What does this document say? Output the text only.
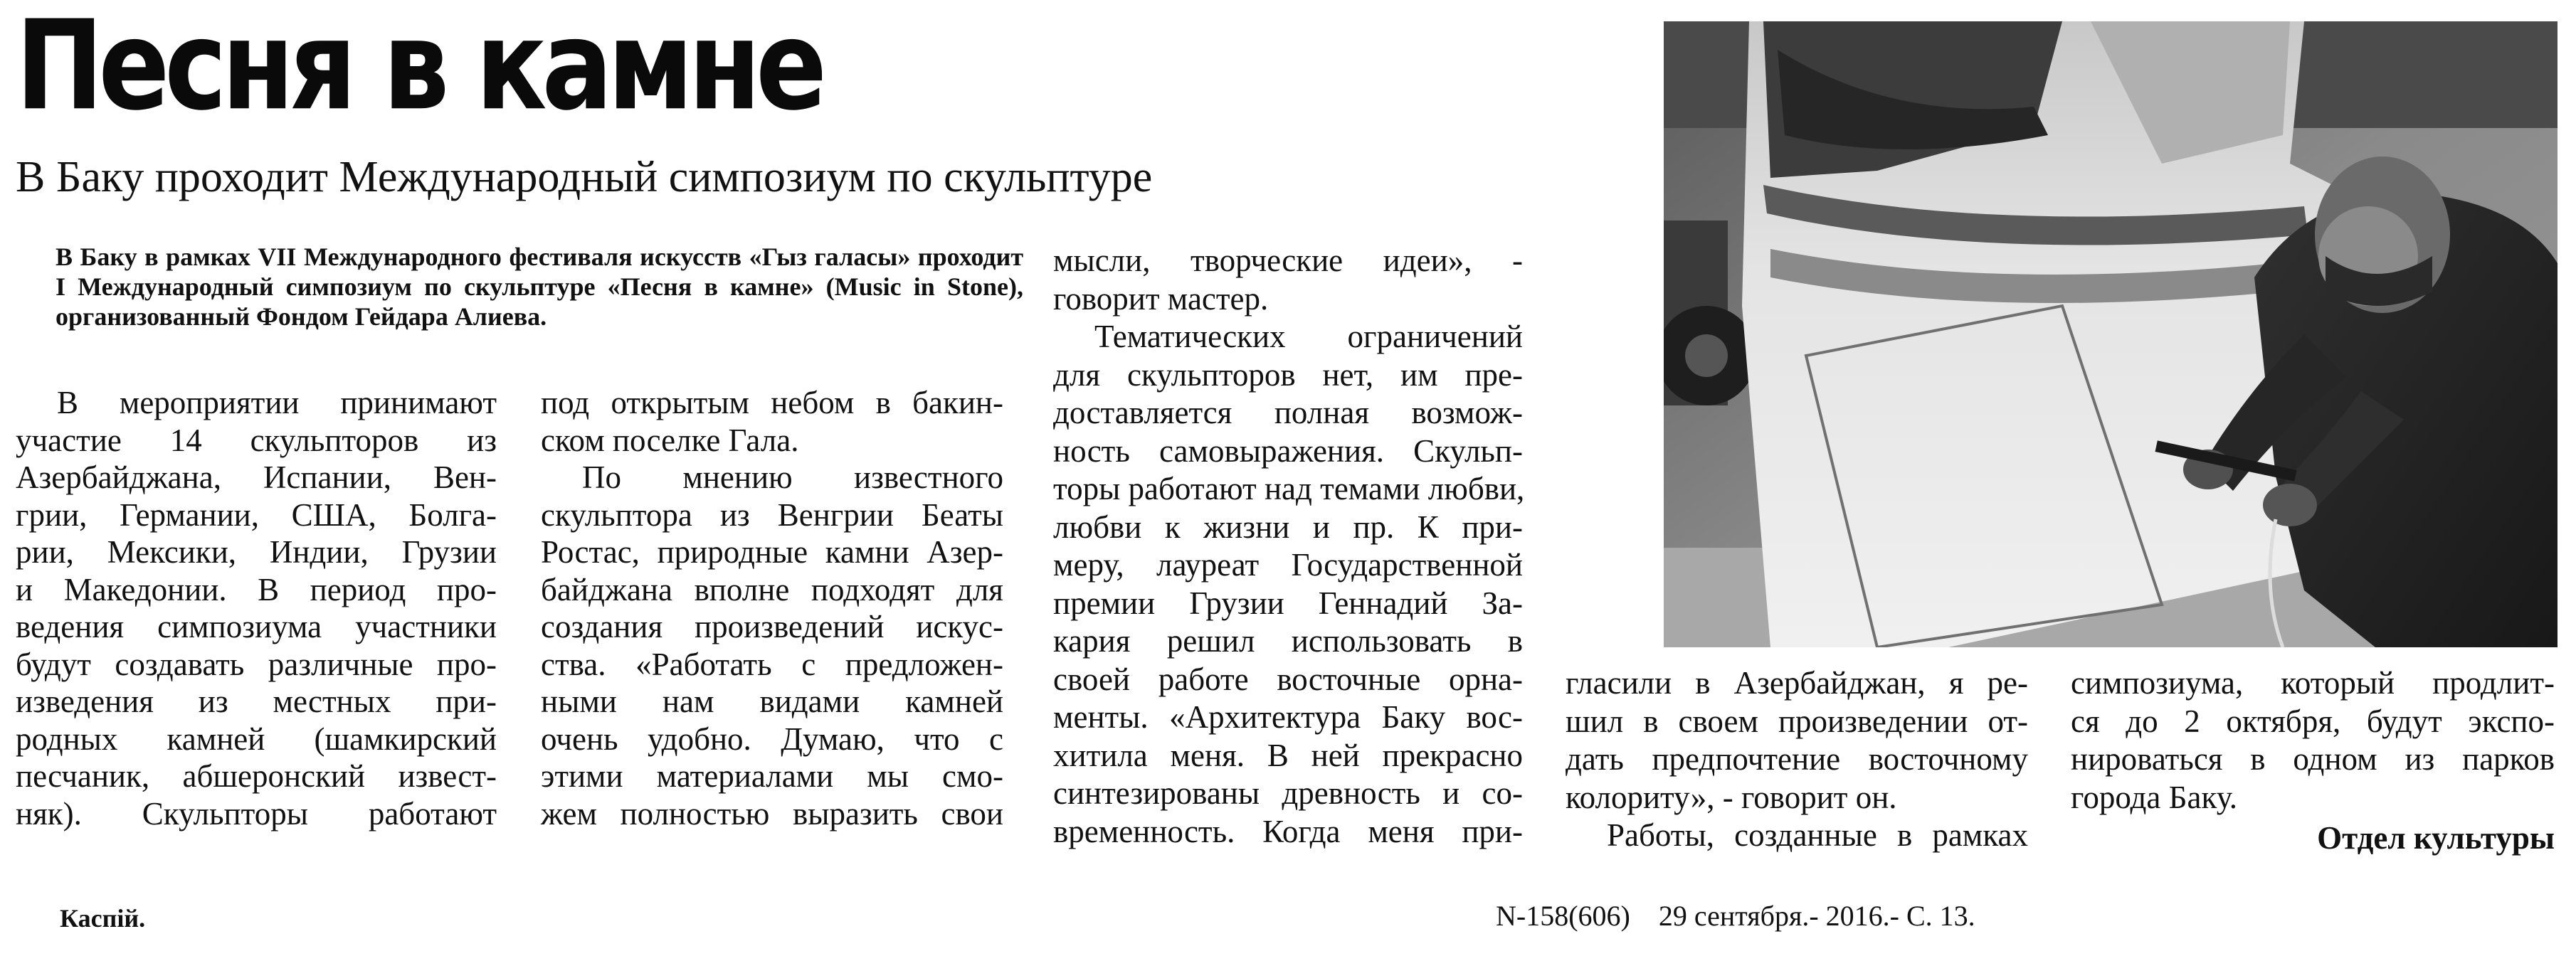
Песня в камне
В Баку проходит Международный симпозиум по скульптуре
В Баку в рамках VII Международного фестиваля искусств «Гыз галасы» проходит I Международный симпозиум по скульптуре «Песня в камне» (Music in Stone), организованный Фондом Гейдара Алиева.
В мероприятии принимают
участие 14 скульпторов из
Азербайджана, Испании, Вен-
грии, Германии, США, Болга-
рии, Мексики, Индии, Грузии
и Македонии. В период про-
ведения симпозиума участники
будут создавать различные про-
изведения из местных при-
родных камней (шамкирский
песчаник, абшеронский извест-
няк). Скульпторы работают
под открытым небом в бакин-
ском поселке Гала.
По мнению известного
скульптора из Венгрии Беаты
Ростас, природные камни Азер-
байджана вполне подходят для
создания произведений искус-
ства. «Работать с предложен-
ными нам видами камней
очень удобно. Думаю, что с
этими материалами мы смо-
жем полностью выразить свои
мысли, творческие идеи», -
говорит мастер.
Тематических ограничений
для скульпторов нет, им пре-
доставляется полная возмож-
ность самовыражения. Скульп-
торы работают над темами любви,
любви к жизни и пр. К при-
меру, лауреат Государственной
премии Грузии Геннадий За-
кария решил использовать в
своей работе восточные орна-
менты. «Архитектура Баку вос-
хитила меня. В ней прекрасно
синтезированы древность и со-
временность. Когда меня при-
гласили в Азербайджан, я ре-
шил в своем произведении от-
дать предпочтение восточному
колориту», - говорит он.
Работы, созданные в рамках
симпозиума, который продлит-
ся до 2 октября, будут экспо-
нироваться в одном из парков
города Баку.
Отдел культуры
Каспiй.	N-158(606)    29 сентября.- 2016.- С. 13.
